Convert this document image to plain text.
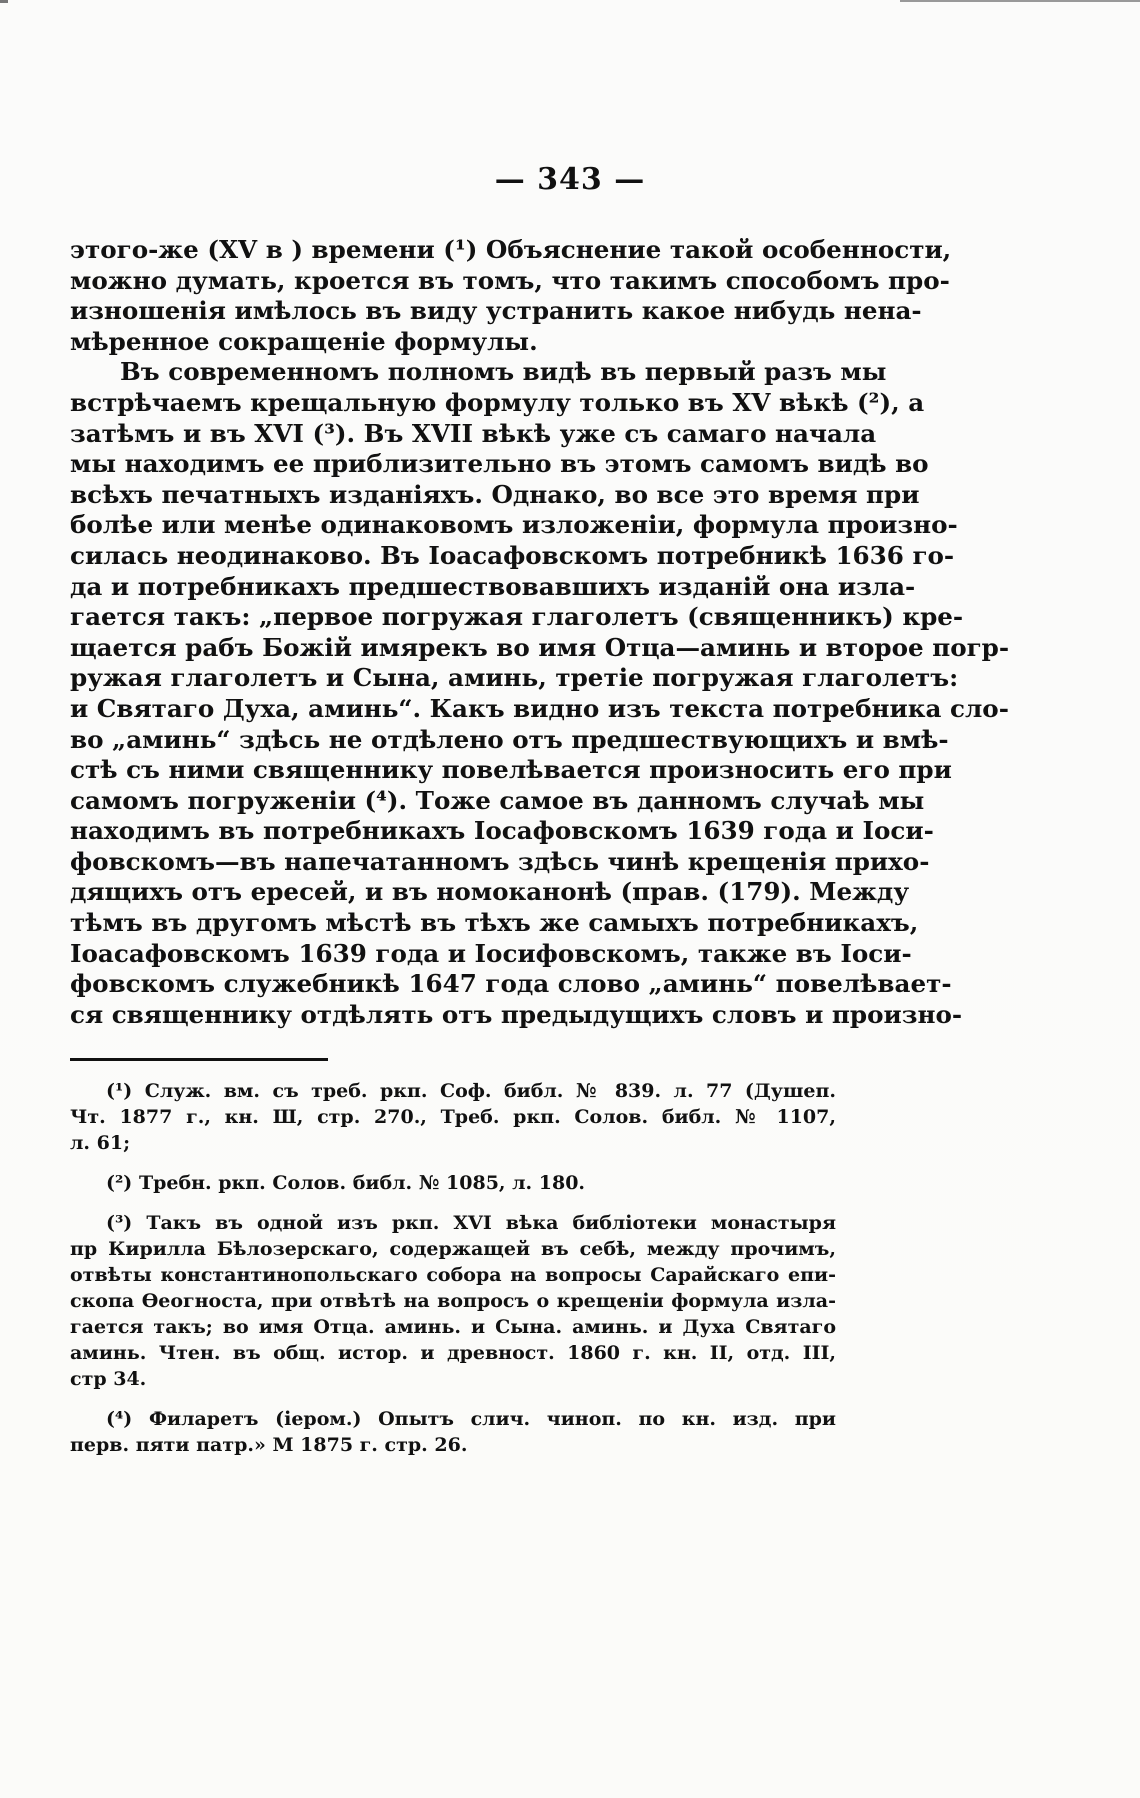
— 343 —
этого-же (XV в ) времени (¹) Объяснение такой особенности,
можно думать, кроется въ томъ, что такимъ способомъ про-
изношенія имѣлось въ виду устранить какое нибудь нена-
мѣренное сокращеніе формулы.
Въ современномъ полномъ видѣ въ первый разъ мы
встрѣчаемъ крещальную формулу только въ XV вѣкѣ (²), а
затѣмъ и въ XVI (³). Въ XVII вѣкѣ уже съ самаго начала
мы находимъ ее приблизительно въ этомъ самомъ видѣ во
всѣхъ печатныхъ изданіяхъ. Однако, во все это время при
болѣе или менѣе одинаковомъ изложеніи, формула произно-
силась неодинаково. Въ Іоасафовскомъ потребникѣ 1636 го-
да и потребникахъ предшествовавшихъ изданій она излa-
гается такъ: „первое погружая глаголетъ (священникъ) кре-
щается рабъ Божій имярекъ во имя Отца—аминь и второе погр-
ружая глаголетъ и Сына, аминь, третіе погружая глаголетъ:
и Святаго Духа, аминь“. Какъ видно изъ текста потребника сло-
во „аминь“ здѣсь не отдѣлено отъ предшествующихъ и вмѣ-
стѣ съ ними священнику повелѣвается произносить его при
самомъ погруженіи (⁴). Тоже самое въ данномъ случаѣ мы
находимъ въ потребникахъ Іосафовскомъ 1639 года и Іоси-
фовскомъ—въ напечатанномъ здѣсь чинѣ крещенія прихо-
дящихъ отъ ересей, и въ номоканонѣ (прав. (179). Между
тѣмъ въ другомъ мѣстѣ въ тѣхъ же самыхъ потребникахъ,
Іоасафовскомъ 1639 года и Іосифовскомъ, также въ Іоси-
фовскомъ служебникѣ 1647 года слово „аминь“ повелѣвает-
ся священнику отдѣлять отъ предыдущихъ словъ и произно-
(¹) Служ. вм. съ треб. ркп. Соф. библ. № 839. л. 77 (Душеп.
Чт. 1877 г., кн. Ш, стр. 270., Треб. ркп. Солов. библ. № 1107,
л. 61;
(²) Требн. ркп. Солов. библ. № 1085, л. 180.
(³) Такъ въ одной изъ ркп. XVI вѣка библіотеки монастыря
пр Кирилла Бѣлозерскаго, содержащей въ себѣ, между прочимъ,
отвѣты константинопольскаго собора на вопросы Сарайскаго епи-
скопа Ѳеогноста, при отвѣтѣ на вопросъ о крещеніи формула изла-
гается такъ; во имя Отца. аминь. и Сына. аминь. и Духа Святаго
аминь. Чтен. въ общ. истор. и древност. 1860 г. кн. II, отд. III,
стр 34.
(⁴) Филаретъ (іером.) Опытъ слич. чиноп. по кн. изд. при
перв. пяти патр.» М 1875 г. стр. 26.
